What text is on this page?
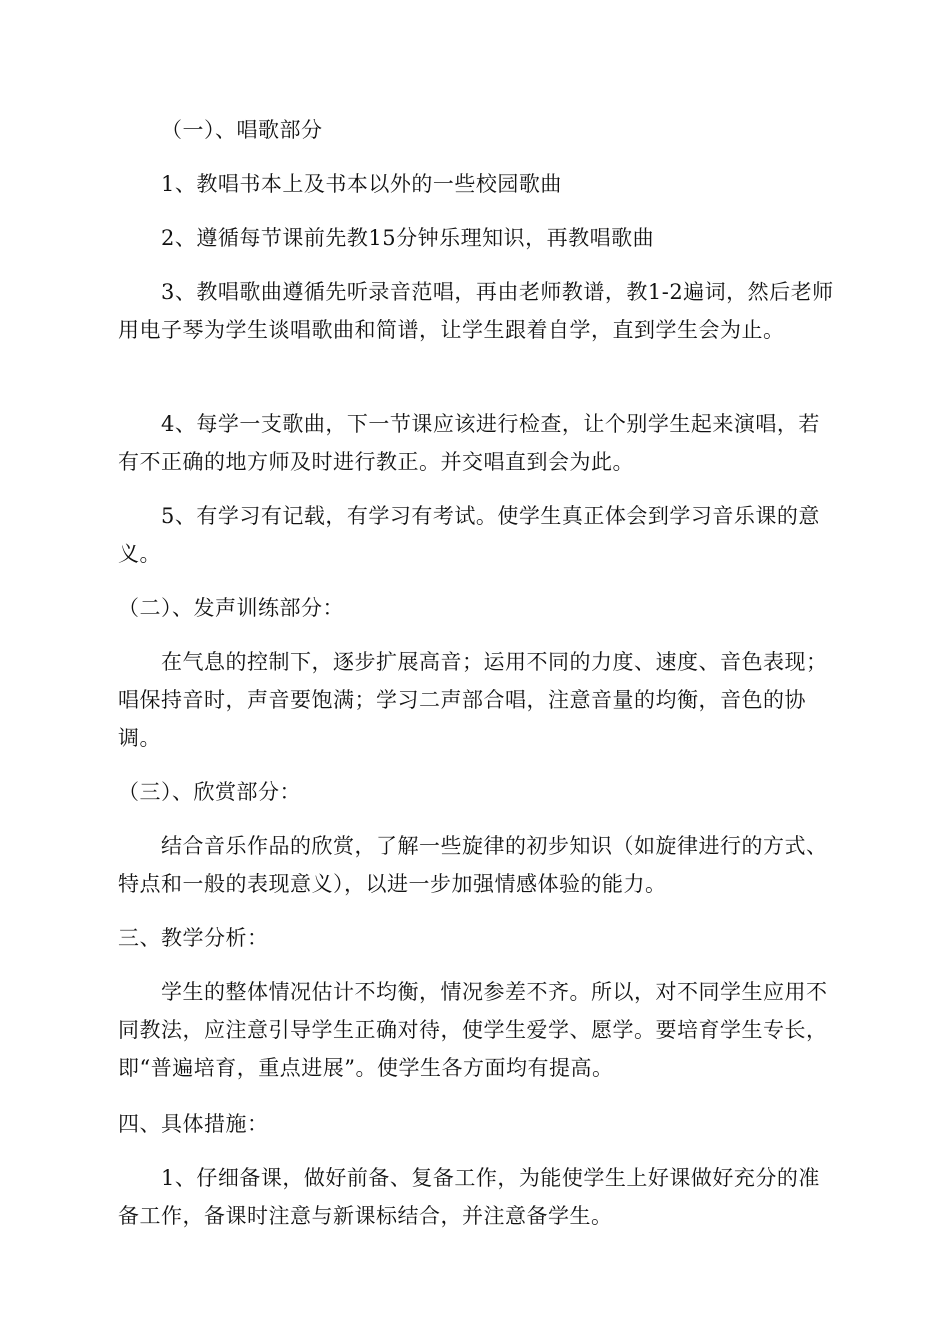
（一）、唱歌部分

1、教唱书本上及书本以外的一些校园歌曲

2、遵循每节课前先教15分钟乐理知识，再教唱歌曲

3、教唱歌曲遵循先听录音范唱，再由老师教谱，教1-2遍词，然后老师用电子琴为学生谈唱歌曲和简谱，让学生跟着自学，直到学生会为止。

4、每学一支歌曲，下一节课应该进行检查，让个别学生起来演唱，若有不正确的地方师及时进行教正。并交唱直到会为此。

5、有学习有记载，有学习有考试。使学生真正体会到学习音乐课的意义。

（二）、发声训练部分：

在气息的控制下，逐步扩展高音；运用不同的力度、速度、音色表现；唱保持音时，声音要饱满；学习二声部合唱，注意音量的均衡，音色的协调。

（三）、欣赏部分：

结合音乐作品的欣赏，了解一些旋律的初步知识（如旋律进行的方式、特点和一般的表现意义），以进一步加强情感体验的能力。

三、教学分析：

学生的整体情况估计不均衡，情况参差不齐。所以，对不同学生应用不同教法，应注意引导学生正确对待，使学生爱学、愿学。要培育学生专长，即“普遍培育，重点进展”。使学生各方面均有提高。

四、具体措施：

1、仔细备课，做好前备、复备工作，为能使学生上好课做好充分的准备工作，备课时注意与新课标结合，并注意备学生。
